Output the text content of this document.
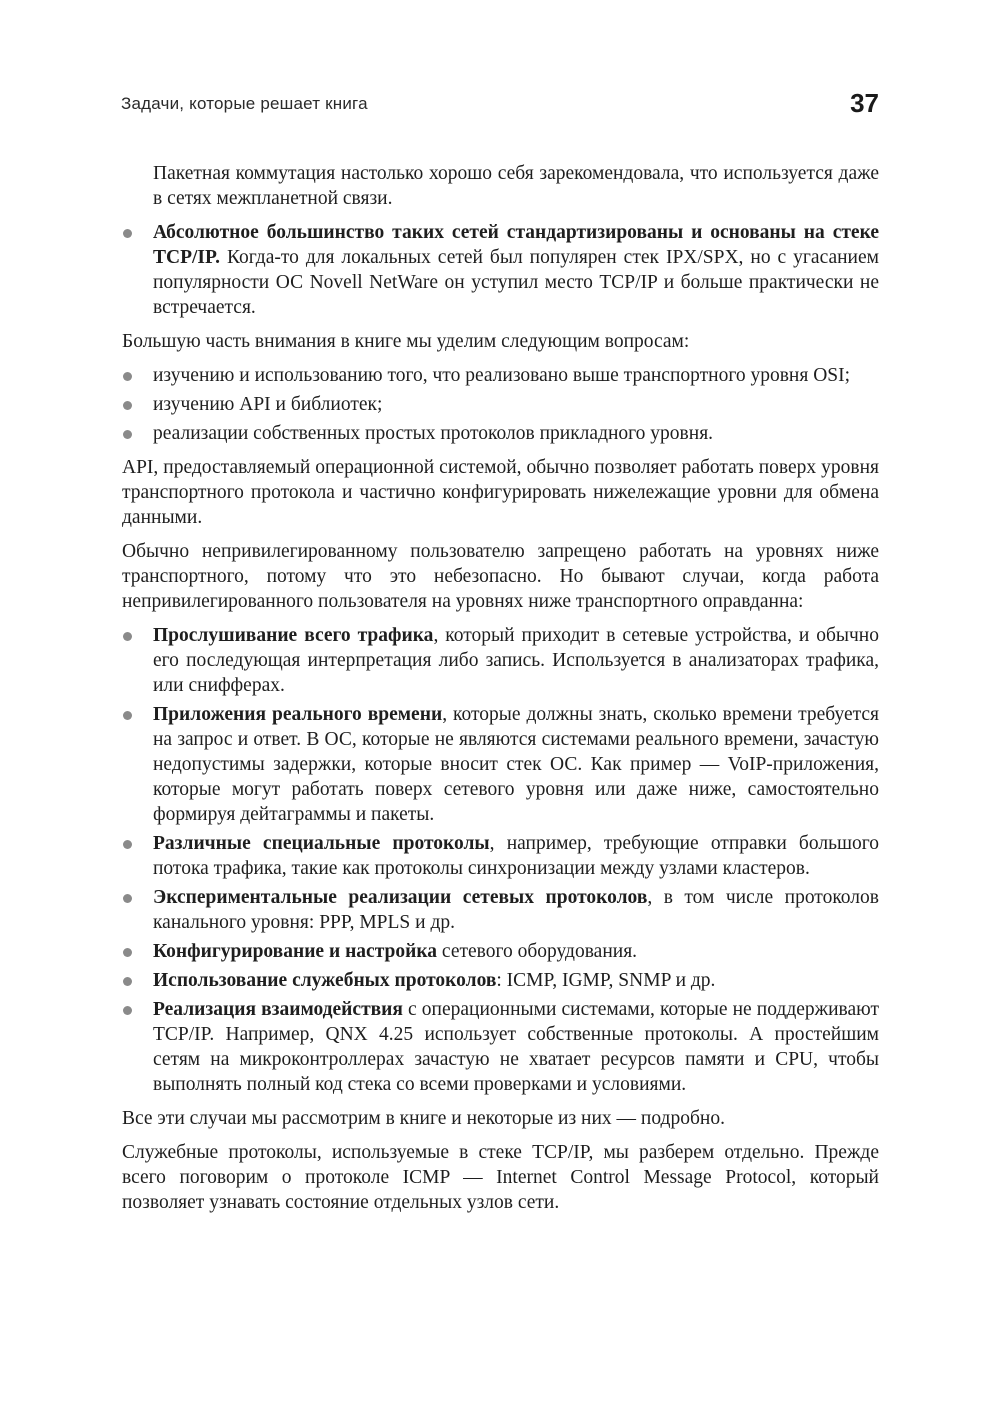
Задачи, которые решает книга	37

Пакетная коммутация настолько хорошо себя зарекомендовала, что используется даже в сетях межпланетной связи.

Абсолютное большинство таких сетей стандартизированы и основаны на стеке TCP/IP. Когда-то для локальных сетей был популярен стек IPX/SPX, но с угасанием популярности ОС Novell NetWare он уступил место TCP/IP и больше практически не встречается.

Большую часть внимания в книге мы уделим следующим вопросам:

изучению и использованию того, что реализовано выше транспортного уровня OSI;
изучению API и библиотек;
реализации собственных простых протоколов прикладного уровня.

API, предоставляемый операционной системой, обычно позволяет работать поверх уровня транспортного протокола и частично конфигурировать нижележащие уровни для обмена данными.

Обычно непривилегированному пользователю запрещено работать на уровнях ниже транспортного, потому что это небезопасно. Но бывают случаи, когда работа непривилегированного пользователя на уровнях ниже транспортного оправданна:

Прослушивание всего трафика, который приходит в сетевые устройства, и обычно его последующая интерпретация либо запись. Используется в анализаторах трафика, или снифферах.
Приложения реального времени, которые должны знать, сколько времени требуется на запрос и ответ. В ОС, которые не являются системами реального времени, зачастую недопустимы задержки, которые вносит стек ОС. Как пример — VoIP-приложения, которые могут работать поверх сетевого уровня или даже ниже, самостоятельно формируя дейтаграммы и пакеты.
Различные специальные протоколы, например, требующие отправки большого потока трафика, такие как протоколы синхронизации между узлами кластеров.
Экспериментальные реализации сетевых протоколов, в том числе протоколов канального уровня: PPP, MPLS и др.
Конфигурирование и настройка сетевого оборудования.
Использование служебных протоколов: ICMP, IGMP, SNMP и др.
Реализация взаимодействия с операционными системами, которые не поддерживают TCP/IP. Например, QNX 4.25 использует собственные протоколы. А простейшим сетям на микроконтроллерах зачастую не хватает ресурсов памяти и CPU, чтобы выполнять полный код стека со всеми проверками и условиями.

Все эти случаи мы рассмотрим в книге и некоторые из них — подробно.

Служебные протоколы, используемые в стеке TCP/IP, мы разберем отдельно. Прежде всего поговорим о протоколе ICMP — Internet Control Message Protocol, который позволяет узнавать состояние отдельных узлов сети.
